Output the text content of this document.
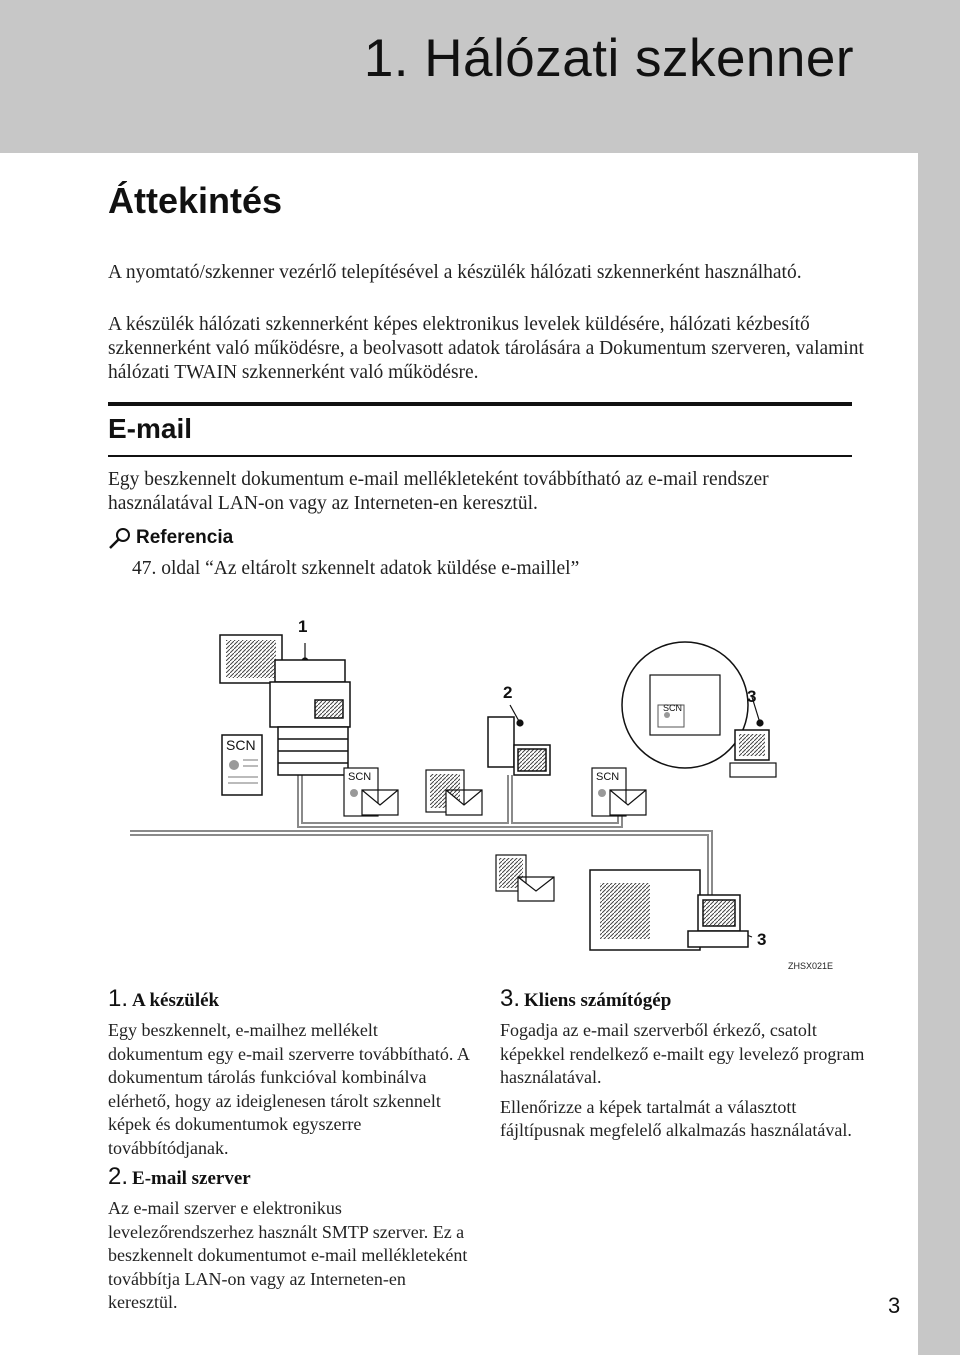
1. Hálózati szkenner
Áttekintés

A nyomtató/szkenner vezérlő telepítésével a készülék hálózati szkennerként használható.

A készülék hálózati szkennerként képes elektronikus levelek küldésére, hálózati kézbesítő szkennerként való működésre, a beolvasott adatok tárolására a Dokumentum szerveren, valamint hálózati TWAIN szkennerként való működésre.

E-mail

Egy beszkennelt dokumentum e-mail mellékleteként továbbítható az e-mail rendszer használatával LAN-on vagy az Interneten-en keresztül.

Referencia
47. oldal “Az eltárolt szkennelt adatok küldése e-maillel”
1
2	3
3
SCN
SCN	SCN
SCN
ZHSX021E

1. A készülék

Egy beszkennelt, e-mailhez mellékelt dokumentum egy e-mail szerverre továbbítható. A dokumentum tárolás funkcióval kombinálva elérhető, hogy az ideiglenesen tárolt szkennelt képek és dokumentumok egyszerre továbbítódjanak.

2. E-mail szerver

Az e-mail szerver e elektronikus levelezőrendszerhez használt SMTP szerver. Ez a beszkennelt dokumentumot e-mail mellékleteként továbbítja LAN-on vagy az Interneten-en keresztül.

3. Kliens számítógép

Fogadja az e-mail szerverből érkező, csatolt képekkel rendelkező e-mailt egy levelező program használatával.

Ellenőrizze a képek tartalmát a választott fájltípusnak megfelelő alkalmazás használatával.

3
